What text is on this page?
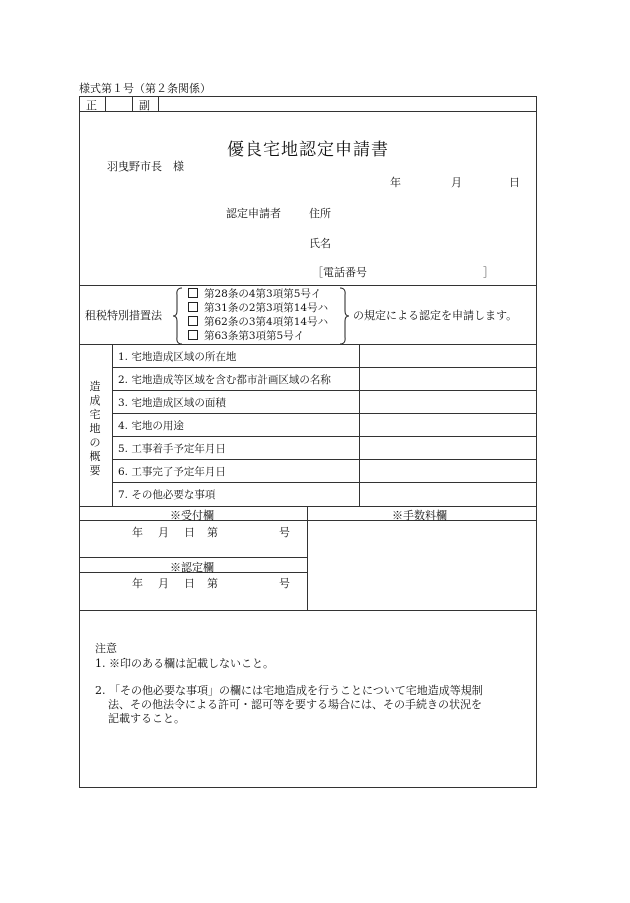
様式第１号（第２条関係）
正	副
優良宅地認定申請書
羽曳野市長　様
年	月	日
認定申請者	住所
氏名
［電話番号	］
租税特別措置法
第28条の4第3項第5号イ
第31条の2第3項第14号ハ
第62条の3第4項第14号ハ
第63条第3項第5号イ
の規定による認定を申請します。
造成宅地の概要
1. 宅地造成区域の所在地
2. 宅地造成等区域を含む都市計画区域の名称
3. 宅地造成区域の面積
4. 宅地の用途
5. 工事着手予定年月日
6. 工事完了予定年月日
7. その他必要な事項
※受付欄	※手数料欄
年 月 日 第	号
※認定欄
年 月 日 第	号
注意
1. ※印のある欄は記載しないこと。
2. 「その他必要な事項」の欄には宅地造成を行うことについて宅地造成等規制
法、その他法令による許可・認可等を要する場合には、その手続きの状況を
記載すること。
